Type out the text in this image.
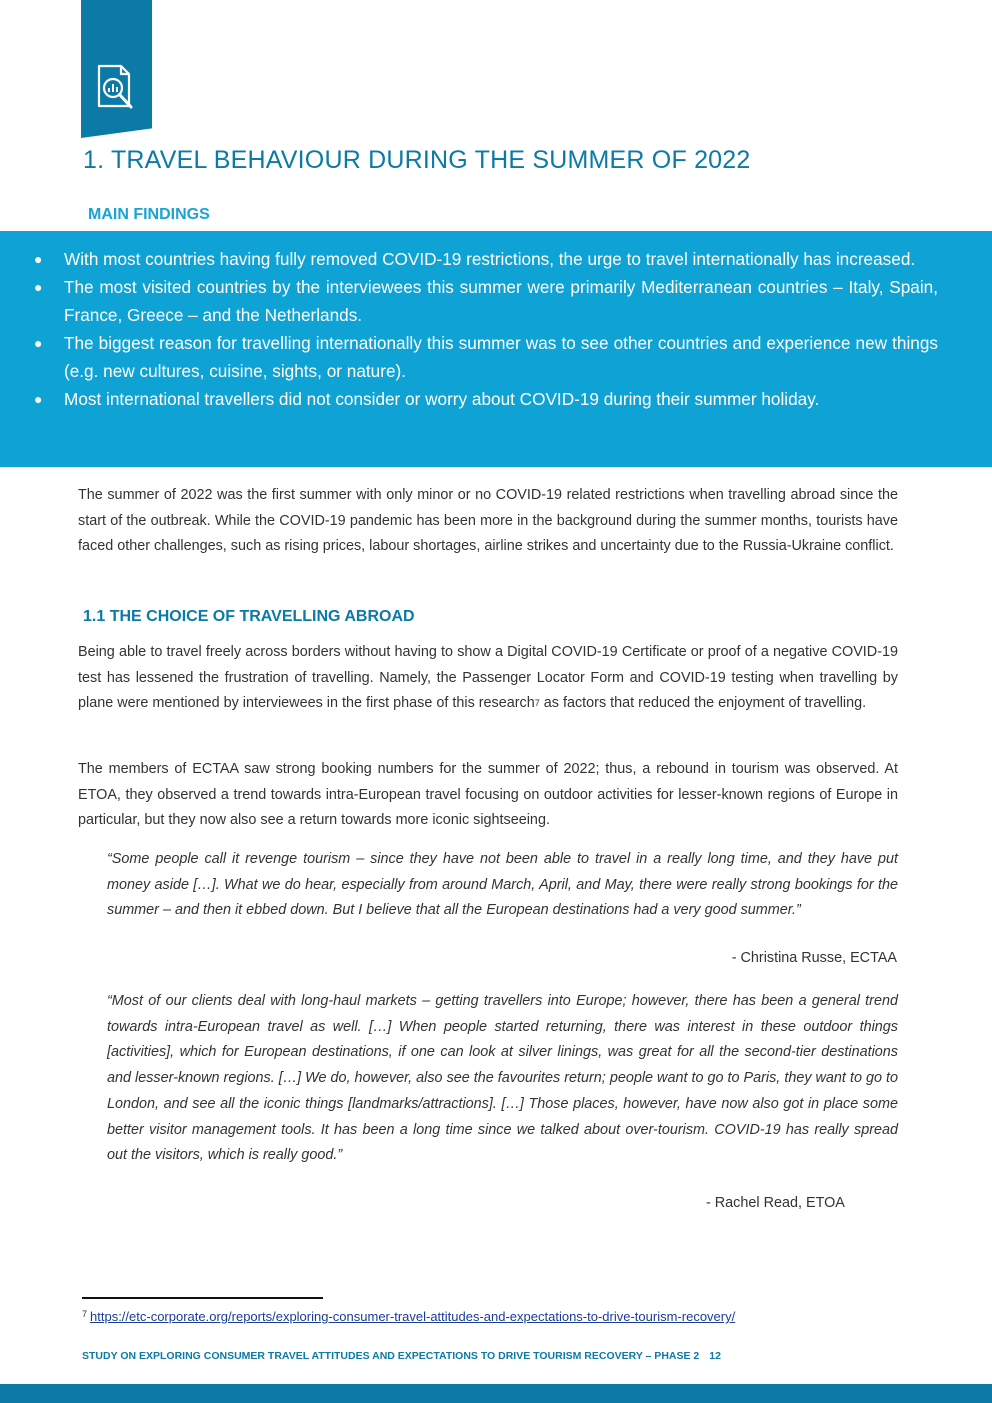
1. TRAVEL BEHAVIOUR DURING THE SUMMER OF 2022
MAIN FINDINGS
● With most countries having fully removed COVID-19 restrictions, the urge to travel internationally has increased.
● The most visited countries by the interviewees this summer were primarily Mediterranean countries – Italy, Spain, France, Greece – and the Netherlands.
● The biggest reason for travelling internationally this summer was to see other countries and experience new things (e.g. new cultures, cuisine, sights, or nature).
● Most international travellers did not consider or worry about COVID-19 during their summer holiday.
The summer of 2022 was the first summer with only minor or no COVID-19 related restrictions when travelling abroad since the start of the outbreak. While the COVID-19 pandemic has been more in the background during the summer months, tourists have faced other challenges, such as rising prices, labour shortages, airline strikes and uncertainty due to the Russia-Ukraine conflict.
1.1 THE CHOICE OF TRAVELLING ABROAD
Being able to travel freely across borders without having to show a Digital COVID-19 Certificate or proof of a negative COVID-19 test has lessened the frustration of travelling. Namely, the Passenger Locator Form and COVID-19 testing when travelling by plane were mentioned by interviewees in the first phase of this research$^7$ as factors that reduced the enjoyment of travelling.
The members of ECTAA saw strong booking numbers for the summer of 2022; thus, a rebound in tourism was observed. At ETOA, they observed a trend towards intra-European travel focusing on outdoor activities for lesser-known regions of Europe in particular, but they now also see a return towards more iconic sightseeing.
“Some people call it revenge tourism – since they have not been able to travel in a really long time, and they have put money aside […]. What we do hear, especially from around March, April, and May, there were really strong bookings for the summer – and then it ebbed down. But I believe that all the European destinations had a very good summer.”
- Christina Russe, ECTAA
“Most of our clients deal with long-haul markets – getting travellers into Europe; however, there has been a general trend towards intra-European travel as well. […] When people started returning, there was interest in these outdoor things [activities], which for European destinations, if one can look at silver linings, was great for all the second-tier destinations and lesser-known regions. […] We do, however, also see the favourites return; people want to go to Paris, they want to go to London, and see all the iconic things [landmarks/attractions]. […] Those places, however, have now also got in place some better visitor management tools. It has been a long time since we talked about over-tourism. COVID-19 has really spread out the visitors, which is really good.”
- Rachel Read, ETOA
$^7$ https://etc-corporate.org/reports/exploring-consumer-travel-attitudes-and-expectations-to-drive-tourism-recovery/
STUDY ON EXPLORING CONSUMER TRAVEL ATTITUDES AND EXPECTATIONS TO DRIVE TOURISM RECOVERY – PHASE 2 12
